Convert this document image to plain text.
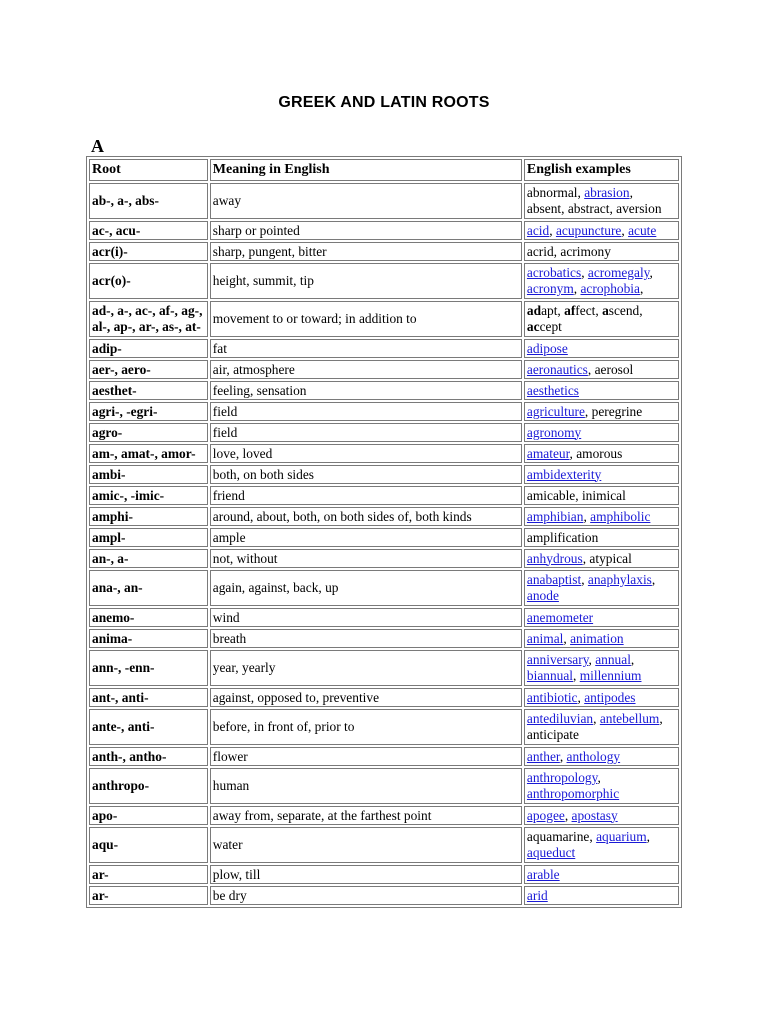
GREEK AND LATIN ROOTS
A
Root	Meaning in English	English examples

ab-, a-, abs-	away	abnormal, abrasion,
absent, abstract, aversion

ac-, acu-	sharp or pointed	acid, acupuncture, acute

acr(i)-	sharp, pungent, bitter	acrid, acrimony

acr(o)-	height, summit, tip	acrobatics, acromegaly,
acronym, acrophobia,

ad-, a-, ac-, af-, ag-,
al-, ap-, ar-, as-, at-	movement to or toward; in addition to	adapt, affect, ascend,
accept

adip-	fat	adipose

aer-, aero-	air, atmosphere	aeronautics, aerosol

aesthet-	feeling, sensation	aesthetics

agri-, -egri-	field	agriculture, peregrine

agro-	field	agronomy

am-, amat-, amor-	love, loved	amateur, amorous

ambi-	both, on both sides	ambidexterity

amic-, -imic-	friend	amicable, inimical

amphi-	around, about, both, on both sides of, both kinds	amphibian, amphibolic

ampl-	ample	amplification

an-, a-	not, without	anhydrous, atypical

ana-, an-	again, against, back, up	anabaptist, anaphylaxis,
anode

anemo-	wind	anemometer

anima-	breath	animal, animation

ann-, -enn-	year, yearly	anniversary, annual,
biannual, millennium

ant-, anti-	against, opposed to, preventive	antibiotic, antipodes

ante-, anti-	before, in front of, prior to	antediluvian, antebellum,
anticipate

anth-, antho-	flower	anther, anthology

anthropo-	human	anthropology,
anthropomorphic

apo-	away from, separate, at the farthest point	apogee, apostasy

aqu-	water	aquamarine, aquarium,
aqueduct

ar-	plow, till	arable

ar-	be dry	arid
